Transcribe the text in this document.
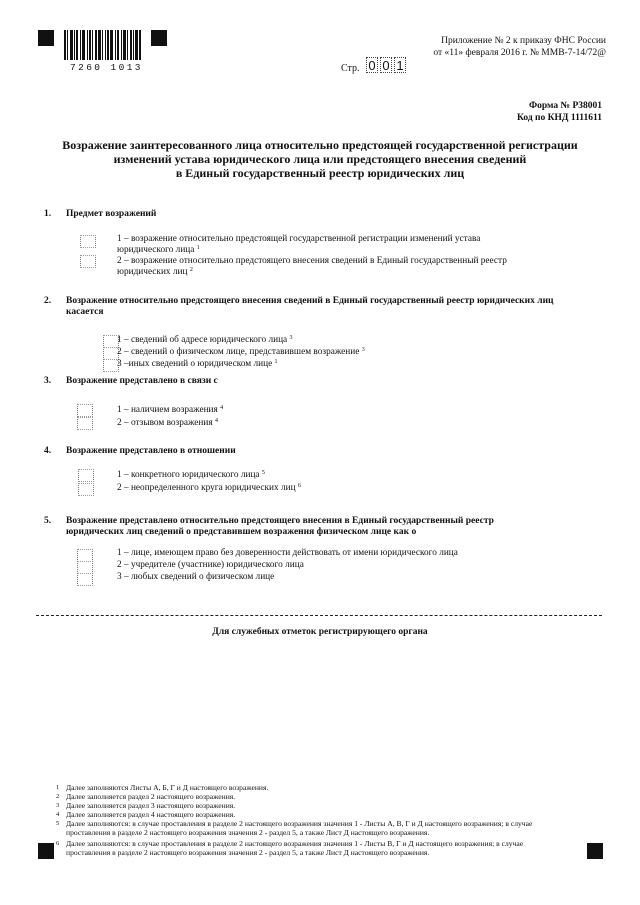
7260 1013
Приложение № 2 к приказу ФНС России
от «11» февраля 2016 г. № ММВ-7-14/72@
Стр. 0 0 1
Форма № Р38001
Код по КНД 1111611
Возражение заинтересованного лица относительно предстоящей государственной регистрации
изменений устава юридического лица или предстоящего внесения сведений
в Единый государственный реестр юридических лиц
1. Предмет возражений
1 – возражение относительно предстоящей государственной регистрации изменений устава
юридического лица $^1$
2 – возражение относительно предстоящего внесения сведений в Единый государственный реестр
юридических лиц $^2$
2. Возражение относительно предстоящего внесения сведений в Единый государственный реестр юридических лиц
касается
1 – сведений об адресе юридического лица $^3$
2 – сведений о физическом лице, представившем возражение $^3$
3 –иных сведений о юридическом лице $^1$
3. Возражение представлено в связи с
1 – наличием возражения $^4$
2 – отзывом возражения $^4$
4. Возражение представлено в отношении
1 – конкретного юридического лица $^5$
2 – неопределенного круга юридических лиц $^6$
5. Возражение представлено относительно предстоящего внесения в Единый государственный реестр
юридических лиц сведений о представившем возражения физическом лице как о
1 – лице, имеющем право без доверенности действовать от имени юридического лица
2 – учредителе (участнике) юридического лица
3 – любых сведений о физическом лице
Для служебных отметок регистрирующего органа
1 Далее заполняются Листы А, Б, Г и Д настоящего возражения.
2 Далее заполняется раздел 2 настоящего возражения.
3 Далее заполняется раздел 3 настоящего возражения.
4 Далее заполняется раздел 4 настоящего возражения.
5 Далее заполняются: в случае проставления в разделе 2 настоящего возражения значения 1 - Листы А, В, Г и Д настоящего возражения; в случае
проставления в разделе 2 настоящего возражения значения 2 - раздел 5, а также Лист Д настоящего возражения.
6 Далее заполняются: в случае проставления в разделе 2 настоящего возражения значения 1 - Листы В, Г и Д настоящего возражения; в случае
проставления в разделе 2 настоящего возражения значения 2 - раздел 5, а также Лист Д настоящего возражения.
